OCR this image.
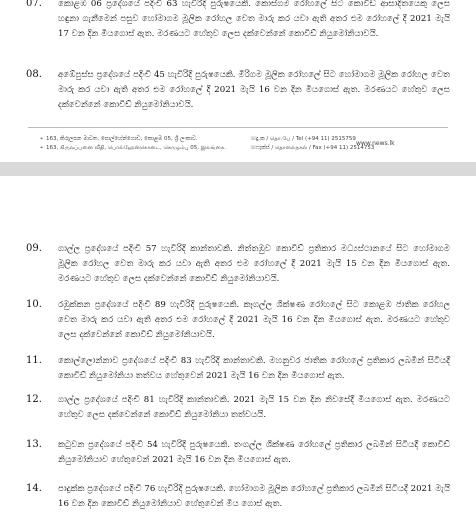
07. කොළඹ 06 ප්‍රදේශයේ පදිංචි 63 හැවිරිදි පුරුෂයෙකි. කොස්ගම රෝහලේ සිට කොවිඩ් ආසාදිතයෙකු ලෙස හඳුනා ගැනීමෙන් පසුව හෝමාගම මූලික රෝහල වෙත මාරු කර යවා ඇති අතර එම රෝහලේ දී 2021 මැයි 17 වන දින මියගොස් ඇත. මරණයට හේතුව ලෙස දක්වෙන්නේ කොවිඩ් නියුමෝනියාවයි.
08. අඹේපුස්ස ප්‍රදේශයේ පදිංචි 45 හැවිරිදි පුරුෂයෙකි. මීරිගම මූලික රෝහලේ සිට හෝමාගම මූලික රෝහල වෙත මාරු කර යවා ඇති අතර එම රෝහලේ දී 2021 මැයි 16 වන දින මියගොස් ඇත. මරණයට හේතුව ලෙස දක්වෙන්නේ කොවිඩ් නියුමෝනියාවයි.
⌖ 163, කිරුලපන මාවත, පොල්හේන්ගොඩ, කොළඹ 05, ශ්‍රී ලංකාව.
⌖ 163, கிருலப்பனை வீதி, பொல்ஹேன்கொடை, கொழும்பு 05, இலங்கை.
☏දු.ක / தொ.பே / Tel (+94 11) 2515759
☏ෆැක්ස් / தொலைநகல் / Fax (+94 11) 2514753
www.news.lk
09. ගාල්ල ප්‍රදේශයේ පදිංචි 57 හැවිරිදි කාන්තාවකි. නිත්තඹුව කොවිඩ් ප්‍රතිකාර මධ්‍යස්ථානයේ සිට හෝමාගම මූලික රෝහල වෙත මාරු කර යවා ඇති අතර එම රෝහලේ දී 2021 මැයි 15 වන දින මියගොස් ඇත. මරණයට හේතුව ලෙස දක්වෙන්නේ කොවිඩ් නියුමෝනියාවයි.
10. රඹුක්කන ප්‍රදේශයේ පදිංචි 89 හැවිරිදි පුරුෂයෙකි. කෑගල්ල ශික්ෂණ රෝහලේ සිට කොළඹ ජාතික රෝහල වෙත මාරු කර යවා ඇති අතර එම රෝහලේ දී 2021 මැයි 16 වන දින මියගොස් ඇත. මරණයට හේතුව ලෙස දක්වෙන්නේ කොවිඩ් නියුමෝනියාවයි.
11. කොල්ලොන්නාව ප්‍රදේශයේ පදිංචි 83 හැවිරිදි කාන්තාවකි. මහනුවර ජාතික රෝහලේ ප්‍රතිකාර ලබමින් සිටියදී කොවිඩ් නියුමෝනියා තත්වය හේතුවෙන් 2021 මැයි 16 වන දින මියගොස් ඇත.
12. ගාල්ල ප්‍රදේශයේ පදිංචි 81 හැවිරිදි කාන්තාවකි. 2021 මැයි 15 වන දින නිවසේදී මියගොස් ඇත. මරණයට හේතුව ලෙස දක්වෙන්නේ කොවිඩ් නියුමෝනියා තත්වයයි.
13. කටුවන ප්‍රදේශයේ පදිංචි 54 හැවිරිදි පුරුෂයෙකි. තංගල්ල ශික්ෂණ රෝහලේ ප්‍රතිකාර ලබමින් සිටියදී කොවිඩ් නියුමෝනියාව හේතුවෙන් 2021 මැයි 16 වන දින මියගොස් ඇත.
14. පාදුක්ක ප්‍රදේශයේ පදිංචි 76 හැවිරිදි පුරුෂයෙකි. හෝමාගම මූලික රෝහලේ ප්‍රතිකාර ලබමින් සිටියදී 2021 මැයි 16 වන දින කොවිඩ් නියුමෝනියාව හේතුවෙන් මිය ගොස් ඇත.
